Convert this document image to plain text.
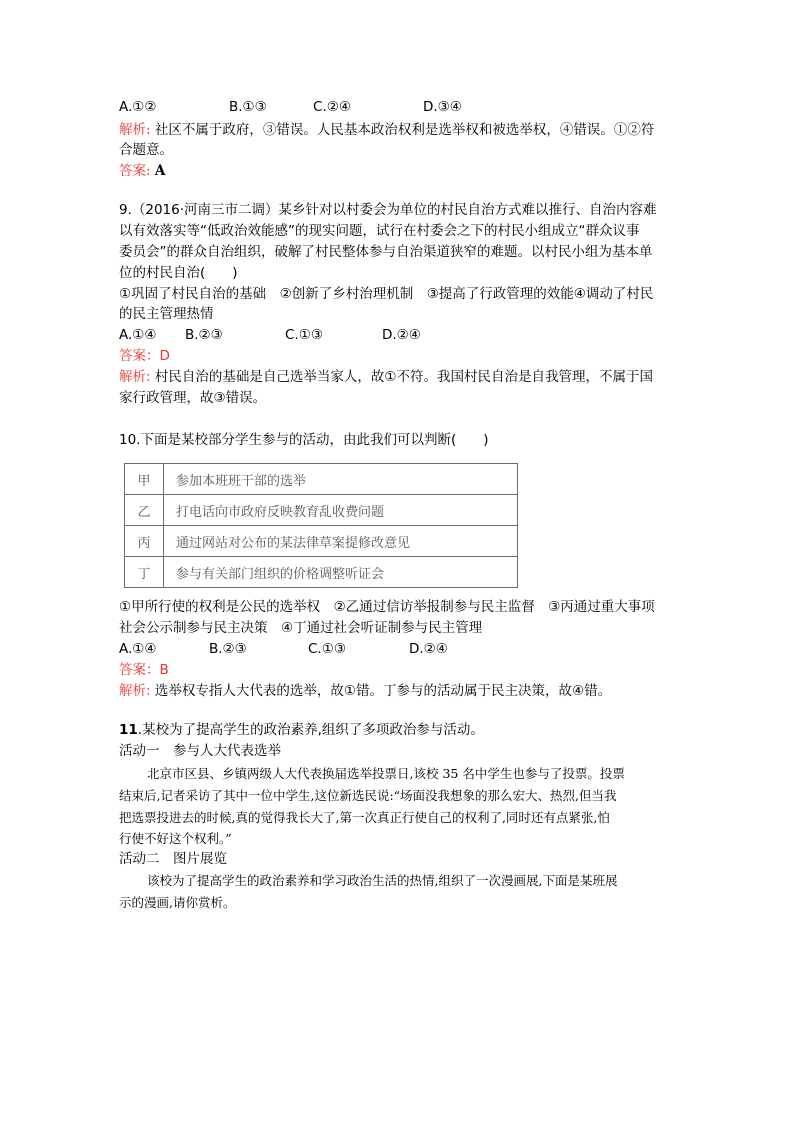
A.①②	B.①③	C.②④	D.③④
解析: 社区不属于政府，③错误。人民基本政治权利是选举权和被选举权，④错误。①②符
合题意。
答案: A
9.（2016·河南三市二调）某乡针对以村委会为单位的村民自治方式难以推行、自治内容难
以有效落实等“低政治效能感”的现实问题，试行在村委会之下的村民小组成立“群众议事
委员会”的群众自治组织，破解了村民整体参与自治渠道狭窄的难题。以村民小组为基本单
位的村民自治(　　)
①巩固了村民自治的基础　②创新了乡村治理机制　③提高了行政管理的效能④调动了村民
的民主管理热情
A.①④ B.②③	C.①③	D.②④
答案：D
解析: 村民自治的基础是自己选举当家人，故①不符。我国村民自治是自我管理，不属于国
家行政管理，故③错误。
10.下面是某校部分学生参与的活动，由此我们可以判断(　　)
甲	参加本班班干部的选举
乙	打电话向市政府反映教育乱收费问题
丙	通过网站对公布的某法律草案提修改意见
丁	参与有关部门组织的价格调整听证会
①甲所行使的权利是公民的选举权　②乙通过信访举报制参与民主监督　③丙通过重大事项
社会公示制参与民主决策　④丁通过社会听证制参与民主管理
A.①④	B.②③	C.①③	D.②④
答案：B
解析: 选举权专指人大代表的选举，故①错。丁参与的活动属于民主决策，故④错。
11.某校为了提高学生的政治素养,组织了多项政治参与活动。
活动一　参与人大代表选举
北京市区县、乡镇两级人大代表换届选举投票日,该校 35 名中学生也参与了投票。投票
结束后,记者采访了其中一位中学生,这位新选民说:“场面没我想象的那么宏大、热烈,但当我
把选票投进去的时候,真的觉得我长大了,第一次真正行使自己的权利了,同时还有点紧张,怕
行使不好这个权利。”
活动二　图片展览
该校为了提高学生的政治素养和学习政治生活的热情,组织了一次漫画展,下面是某班展
示的漫画,请你赏析。
